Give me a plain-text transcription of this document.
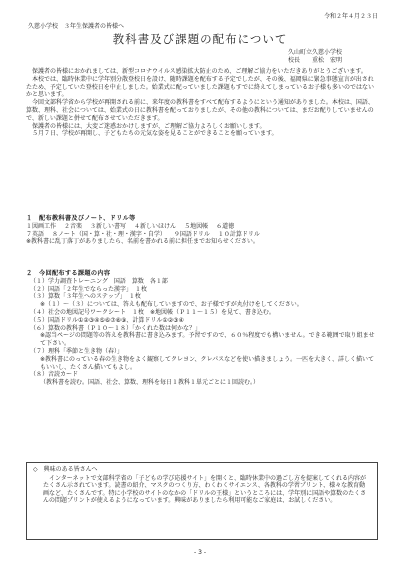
令和２年４月２３日
久慈小学校　３年生保護者の皆様へ
教科書及び課題の配布について
久山町立久慈小学校
校長　　重松　宏明

保護者の皆様におかれましては、新型コロナウイルス感染拡大防止のため、ご理解ご協力をいただきありがとうございます。

本校では、臨時休業中に学年別分散登校日を設け、随時課題を配布する予定でしたが、その後、福岡県に緊急事態宣言が出されたため、予定していた登校日を中止しました。始業式に配っていました課題もすでに終えてしまっているお子様も多いのではないかと思います。

今回文部科学省から学校が再開される前に、来年度の教科書をすべて配布するようにという通知がありました。本校は、国語、算数、理科、社会については、始業式の日に教科書を配っておりましたが、その他の教科については、まだお配りしていませんので、新しい課題と併せて配布させていただきます。

保護者の皆様には、大変ご迷惑おかけしますが、ご理解ご協力よろしくお願いします。

５月７日、学校が再開し、子どもたちの元気な姿を見ることができることを願っています。

１　配布教科書及びノート、ドリル等
１図画工作 ２音楽 ３新しい書写 ４新しいほけん ５地図帳 ６道徳
７英語 ８ノート（国・算・社・理・漢字・自学） ９国語ドリル １０計算ドリル
※教科書に乱丁落丁がありましたら、名前を書かれる前に担任までお知らせください。
２　今回配布する課題の内容
（１）学力調査トレーニング　国語　算数　各１部
（２）国語「２年生でならった漢字」　１枚
（３）算数「３年生へのステップ」　１枚
※（１）～（３）については、答えも配布していますので、お子様ですが丸付けをしてください。
（４）社会の地図記号ワークシート　１枚　※地図帳（Ｐ１１～１５）を見て、書き込む。
（５）国語ドリル①②③④⑤⑥⑦⑧⑨、計算ドリル①②③④
（６）算数の教科書（Ｐ１０～１８）「かくれた数は何かな？」
※認当ページの問題等の答えを教科書に書き込みます。予習ですので、６０％程度でも構いません。できる範囲で取り組ませて下さい。
（７）理科「季節と生き物（春）」
※教科書にのっている春の生き物をよく観察してクレヨン、クレパスなどを使い描きましょう。一匹を大きく、詳しく描いてもいいし、たくさん描いてもよし。
（８）音読カード
（教科書を読む。国語、社会、算数、理科を毎日１教科１単元ごとに１回読む。）
◇　興味のある皆さんへ

インターネットで文部科学省の「子どもの学び応援サイト」を開くと、臨時休業中の過ごし方を提案してくれる内容がたくさん示されています。読書の紹介、マスクのつくり方、わくわくサイエンス、各教科の学習プリント、様々な教育動画など、たくさんです。特に小学校のサイトのなかの「ドリルの王様」というところには、学年別に国語や算数のたくさんの問題プリントが使えるようになっています。興味がありましたら利用可能なご家庭は、お試しください。

- 3 -
